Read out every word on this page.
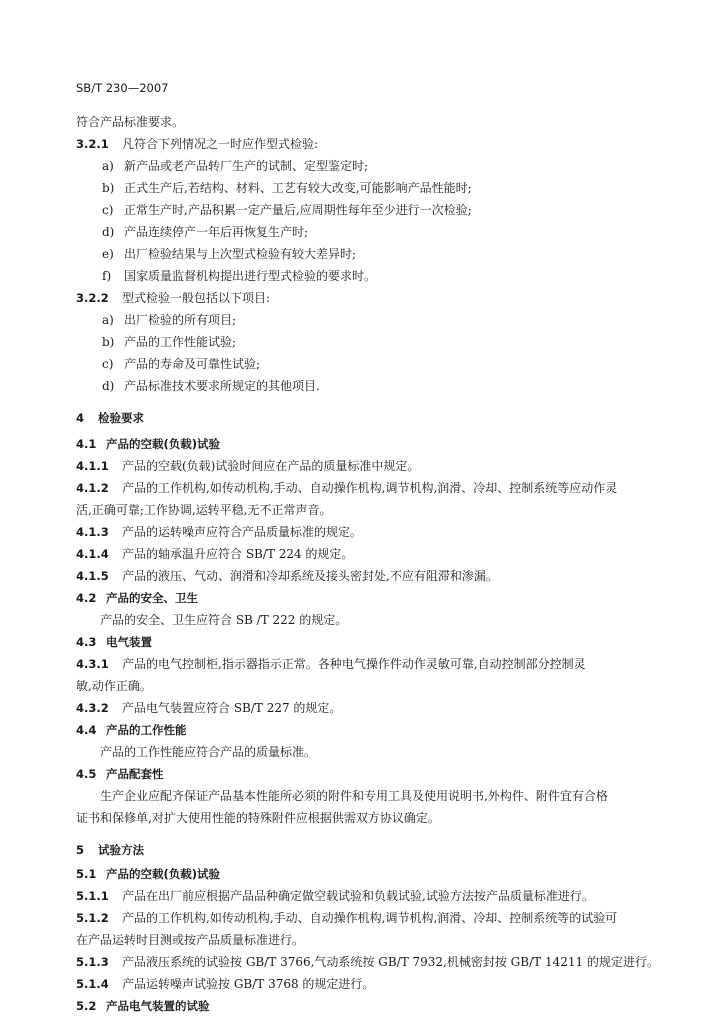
SB/T 230—2007
符合产品标准要求。
3.2.1 凡符合下列情况之一时应作型式检验:
a) 新产品或老产品转厂生产的试制、定型鉴定时;
b) 正式生产后,若结构、材料、工艺有较大改变,可能影响产品性能时;
c) 正常生产时,产品积累一定产量后,应周期性每年至少进行一次检验;
d) 产品连续停产一年后再恢复生产时;
e) 出厂检验结果与上次型式检验有较大差异时;
f) 国家质量监督机构提出进行型式检验的要求时。
3.2.2 型式检验一般包括以下项目:
a) 出厂检验的所有项目;
b) 产品的工作性能试验;
c) 产品的寿命及可靠性试验;
d) 产品标准技术要求所规定的其他项目.
4 检验要求
4.1 产品的空载(负载)试验
4.1.1 产品的空载(负载)试验时间应在产品的质量标准中规定。
4.1.2 产品的工作机构,如传动机构,手动、自动操作机构,调节机构,润滑、冷却、控制系统等应动作灵
活,正确可靠;工作协调,运转平稳,无不正常声音。
4.1.3 产品的运转噪声应符合产品质量标准的规定。
4.1.4 产品的轴承温升应符合 SB/T 224 的规定。
4.1.5 产品的液压、气动、润滑和冷却系统及接头密封处,不应有阻滞和渗漏。
4.2 产品的安全、卫生
产品的安全、卫生应符合 SB /T 222 的规定。
4.3 电气装置
4.3.1 产品的电气控制柜,指示器指示正常。各种电气操作件动作灵敏可靠,自动控制部分控制灵
敏,动作正确。
4.3.2 产品电气装置应符合 SB/T 227 的规定。
4.4 产品的工作性能
产品的工作性能应符合产品的质量标准。
4.5 产品配套性
生产企业应配齐保证产品基本性能所必须的附件和专用工具及使用说明书,外构件、附件宜有合格
证书和保修单,对扩大使用性能的特殊附件应根据供需双方协议确定。
5 试验方法
5.1 产品的空载(负载)试验
5.1.1 产品在出厂前应根据产品品种确定做空载试验和负载试验,试验方法按产品质量标准进行。
5.1.2 产品的工作机构,如传动机构,手动、自动操作机构,调节机构,润滑、冷却、控制系统等的试验可
在产品运转时目测或按产品质量标准进行。
5.1.3 产品液压系统的试验按 GB/T 3766,气动系统按 GB/T 7932,机械密封按 GB/T 14211 的规定进行。
5.1.4 产品运转噪声试验按 GB/T 3768 的规定进行。
5.2 产品电气装置的试验
